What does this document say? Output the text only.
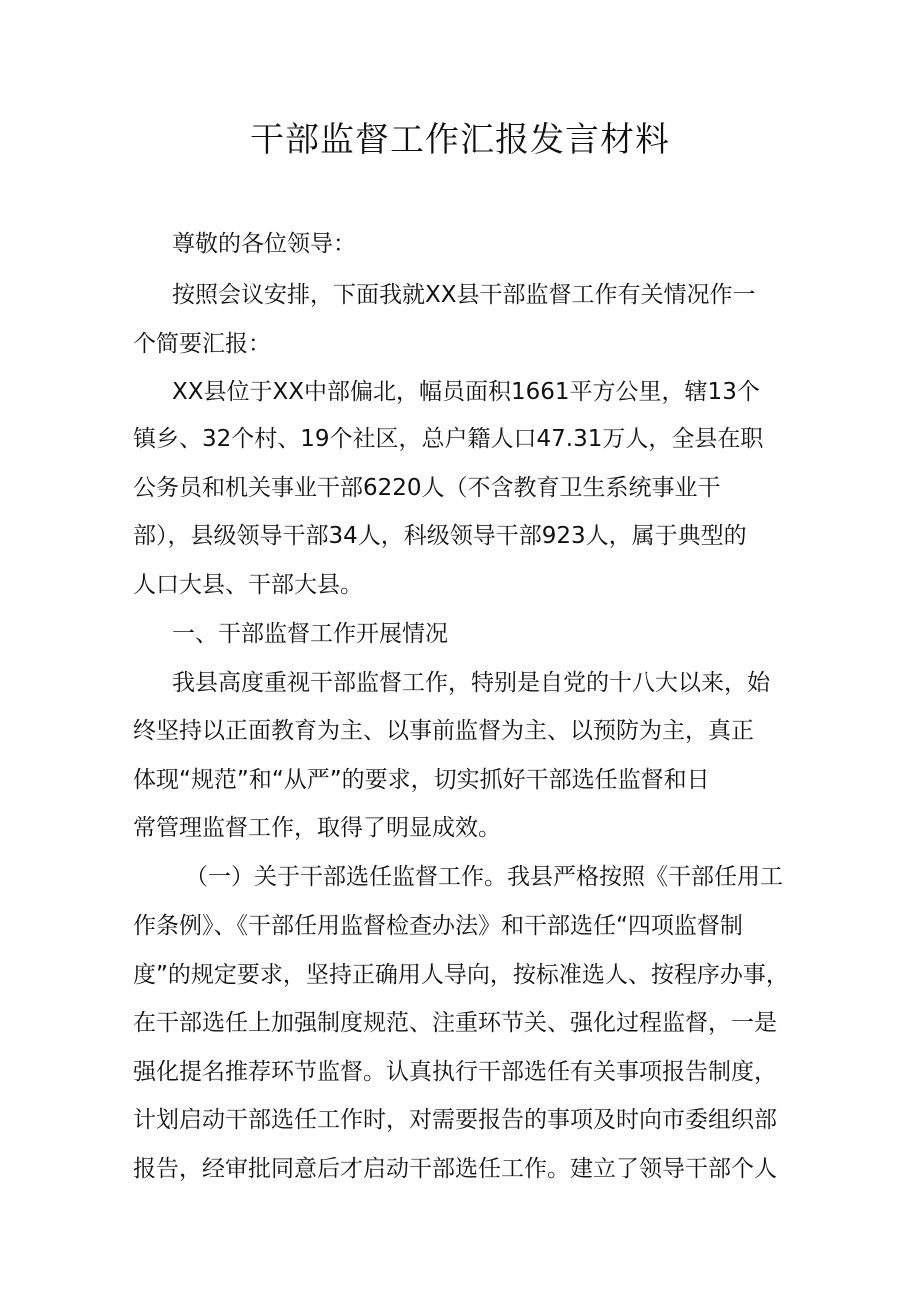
干部监督工作汇报发言材料

尊敬的各位领导：

按照会议安排，下面我就XX县干部监督工作有关情况作一

个简要汇报：

XX县位于XX中部偏北，幅员面积1661平方公里，辖13个

镇乡、32个村、19个社区，总户籍人口47.31万人，全县在职

公务员和机关事业干部6220人（不含教育卫生系统事业干

部），县级领导干部34人，科级领导干部923人，属于典型的

人口大县、干部大县。

一、干部监督工作开展情况

我县高度重视干部监督工作，特别是自党的十八大以来，始

终坚持以正面教育为主、以事前监督为主、以预防为主，真正

体现“规范”和“从严”的要求，切实抓好干部选任监督和日

常管理监督工作，取得了明显成效。

（一）关于干部选任监督工作。我县严格按照《干部任用工

作条例》、《干部任用监督检查办法》和干部选任“四项监督制

度”的规定要求，坚持正确用人导向，按标准选人、按程序办事，

在干部选任上加强制度规范、注重环节关、强化过程监督，一是

强化提名推荐环节监督。认真执行干部选任有关事项报告制度，

计划启动干部选任工作时，对需要报告的事项及时向市委组织部

报告，经审批同意后才启动干部选任工作。建立了领导干部个人
